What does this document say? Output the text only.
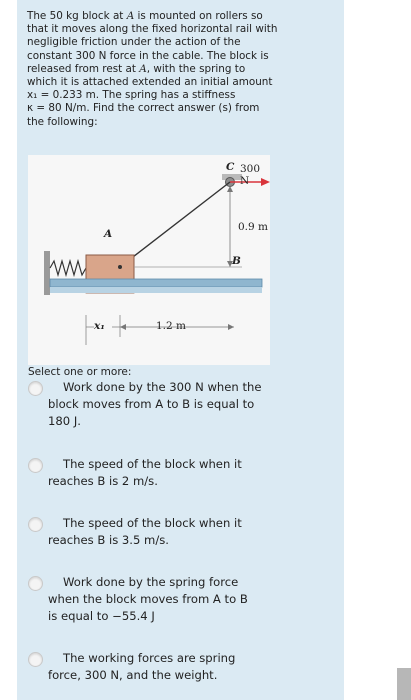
The 50 kg block at A is mounted on rollers so
that it moves along the fixed horizontal rail with
negligible friction under the action of the
constant 300 N force in the cable. The block is
released from rest at A, with the spring to
which it is attached extended an initial amount
x₁ = 0.233 m. The spring has a stiffness
κ = 80 N/m. Find the correct answer (s) from
the following:
C 300 N
0.9 m
A
B
x₁	1.2 m
Select one or more:
Work done by the 300 N when the
block moves from A to B is equal to
180 J.
The speed of the block when it
reaches B is 2 m/s.
The speed of the block when it
reaches B is 3.5 m/s.
Work done by the spring force
when the block moves from A to B
is equal to −55.4 J
The working forces are spring
force, 300 N, and the weight.
